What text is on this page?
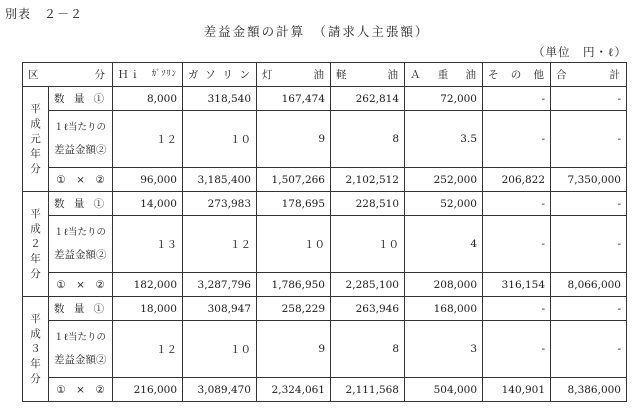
別表　２－２
差益金額の計算　（請求人主張額）
（単位　円・ℓ）
区 分		Ｈｉ ｶﾞｿﾘﾝ	ガ ソ リ ン	灯 油	軽 油	Ａ 重 油	そ の 他	合 計

平成元年分	数 量 ①	8,000	318,540	167,474	262,814	72,000	-	-

	１ℓ当たりの
差益金額②	１２	１０	9	8	3.5	-	-
	①　×　②	96,000	3,185,400	1,507,266	2,102,512	252,000	206,822	7,350,000

平成２年分	数 量 ①	14,000	273,983	178,695	228,510	52,000	-	-

	１ℓ当たりの
差益金額②	１３	１２	１０	１０	4	-	-
	①　×　②	182,000	3,287,796	1,786,950	2,285,100	208,000	316,154	8,066,000

平成３年分	数 量 ①	18,000	308,947	258,229	263,946	168,000	-	-

	１ℓ当たりの
差益金額②	１２	１０	9	8	3	-	-
	①　×　②	216,000	3,089,470	2,324,061	2,111,568	504,000	140,901	8,386,000
